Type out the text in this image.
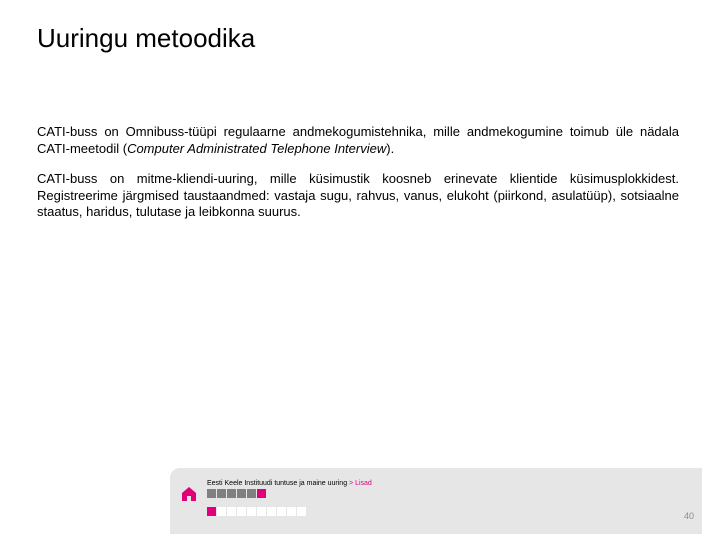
Uuringu metoodika

CATI-buss on Omnibuss-tüüpi regulaarne andmekogumistehnika, mille andmekogumine toimub üle nädala CATI-meetodil (Computer Administrated Telephone Interview).

CATI-buss on mitme-kliendi-uuring, mille küsimustik koosneb erinevate klientide küsimusplokkidest. Registreerime järgmised taustaandmed: vastaja sugu, rahvus, vanus, elukoht (piirkond, asulatüüp), sotsiaalne staatus, haridus, tulutase ja leibkonna suurus.

Eesti Keele Instituudi tuntuse ja maine uuring > Lisad
40
